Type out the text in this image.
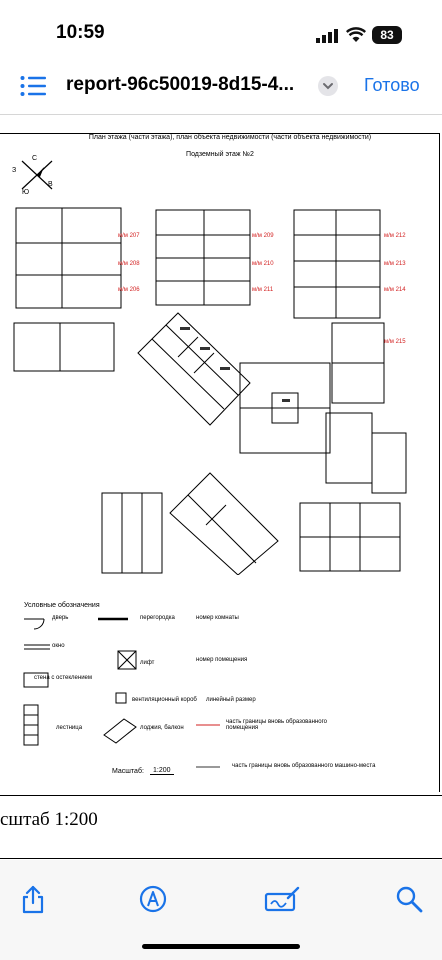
10:59	83
report-96c50019-8d15-4...	Готово
План этажа (части этажа), план объекта недвижимости (части объекта недвижимости)
Подземный этаж №2
С
З
В
Ю
м/м 207
м/м 208
м/м 206
м/м 209
м/м 210
м/м 211
м/м 212
м/м 213
м/м 214
м/м 215
Условные обозначения
дверь
окно
перегородка	номер комнаты
лифт	номер помещения
стена с остеклением
вентиляционный короб линейный размер
лестница	лоджия, балкон
часть границы вновь образованного помещения
часть границы вновь образованного машино-места
Масштаб:	1:200
сштаб 1:200
